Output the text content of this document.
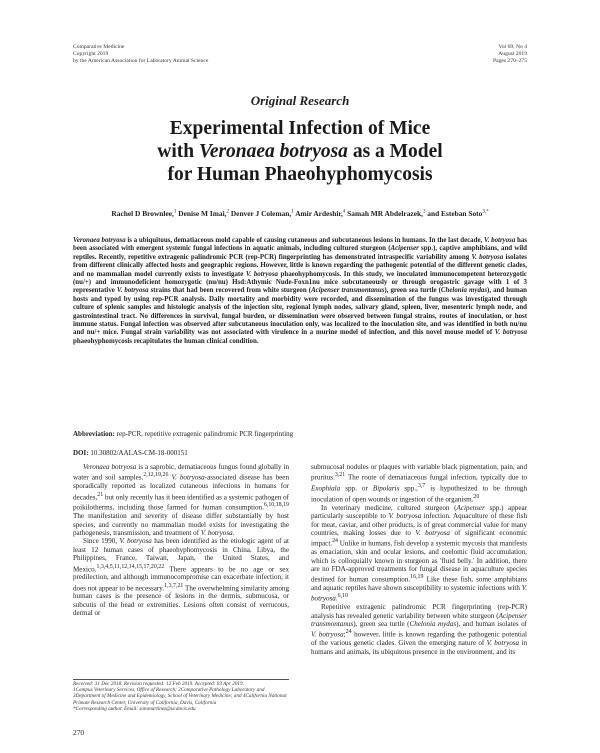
Comparative Medicine
Copyright 2019
by the American Association for Laboratory Animal Science
Vol 69, No 4
August 2019
Pages 270–275
Original Research
Experimental Infection of Mice
with Veronaea botryosa as a Model
for Human Phaeohyphomycosis
Rachel D Brownlee,$^1$ Denise M Imai,$^2$ Denver J Coleman,$^1$ Amir Ardeshir,$^4$ Samah MR Abdelrazek,$^3$ and Esteban Soto$^{3,*}$
Veronaea botryosa is a ubiquitous, dematiaceous mold capable of causing cutaneous and subcutaneous lesions in humans. In the last decade, V. botryosa has been associated with emergent systemic fungal infections in aquatic animals, including cultured sturgeon (Acipenser spp.), captive amphibians, and wild reptiles. Recently, repetitive extragenic palindromic PCR (rep-PCR) fingerprinting has demonstrated intraspecific variability among V. botryosa isolates from different clinically affected hosts and geographic regions. However, little is known regarding the pathogenic potential of the different genetic clades, and no mammalian model currently exists to investigate V. botryosa phaeohyphomycosis. In this study, we inoculated immunocompetent heterozygotic (nu/+) and immunodeficient homozygotic (nu/nu) Hsd:Athymic Nude-Foxn1nu mice subcutaneously or through orogastric gavage with 1 of 3 representative V. botryosa strains that had been recovered from white sturgeon (Acipenser transmontanus), green sea turtle (Chelonia mydas), and human hosts and typed by using rep-PCR analysis. Daily mortality and morbidity were recorded, and dissemination of the fungus was investigated through culture of splenic samples and histologic analysis of the injection site, regional lymph nodes, salivary gland, spleen, liver, mesenteric lymph node, and gastrointestinal tract. No differences in survival, fungal burden, or dissemination were observed between fungal strains, routes of inoculation, or host immune status. Fungal infection was observed after subcutaneous inoculation only, was localized to the inoculation site, and was identified in both nu/nu and nu/+ mice. Fungal strain variability was not associated with virulence in a murine model of infection, and this novel mouse model of V. botryosa phaeohyphomycosis recapitulates the human clinical condition.
Abbreviation: rep-PCR, repetitive extragenic palindromic PCR fingerprinting
DOI: 10.30802/AALAS-CM-18-000151

Veronaea botryosa is a saprobic, dematiaceous fungus found globally in water and soil samples.$^{2,12,19,26}$ V. botryosa-associated disease has been sporadically reported as localized cutaneous infections in humans for decades,$^{21}$ but only recently has it been identified as a systemic pathogen of poikilotherms, including those farmed for human consumption.$^{6,10,18,19}$ The manifestation and severity of disease differ substantially by host species, and currently no mammalian model exists for investigating the pathogenesis, transmission, and treatment of V. botryosa.

Since 1990, V. botryosa has been identified as the etiologic agent of at least 12 human cases of phaeohyphomycosis in China, Libya, the Philippines, France, Taiwan, Japan, the United States, and Mexico.$^{1,3,4,5,11,12,14,15,17,20,22}$ There appears to be no age or sex predilection, and although immunocompromise can exacerbate infection, it does not appear to be necessary.$^{1,3,7,21}$ The overwhelming similarity among human cases is the presence of lesions in the dermis, submucosa, or subcutis of the head or extremities. Lesions often consist of verrucous, dermal or

submucosal nodules or plaques with variable black pigmentation, pain, and pruritus.$^{3,21}$ The route of dematiaceous fungal infection, typically due to Exophiala spp. or Bipolaris spp.,$^{3,7}$ is hypothesized to be through inoculation of open wounds or ingestion of the organism.$^{20}$

In veterinary medicine, cultured sturgeon (Acipenser spp.) appear particularly susceptible to V. botryosa infection. Aquaculture of these fish for meat, caviar, and other products, is of great commercial value for many countries, making losses due to V. botryosa of significant economic impact.$^{24}$ Unlike in humans, fish develop a systemic mycosis that manifests as emaciation, skin and ocular lesions, and coelomic fluid accumulation, which is colloquially known in sturgeon as 'fluid belly.' In addition, there are no FDA-approved treatments for fungal disease in aquaculture species destined for human consumption.$^{16,19}$ Like these fish, some amphibians and aquatic reptiles have shown susceptibility to systemic infections with V. botryosa.$^{6,10}$

Repetitive extragenic palindromic PCR fingerprinting (rep-PCR) analysis has revealed genetic variability between white sturgeon (Acipenser transmontanus), green sea turtle (Chelonia mydas), and human isolates of V. botryosa;$^{24}$ however, little is known regarding the pathogenic potential of the various genetic clades. Given the emerging nature of V. botryosa in humans and animals, its ubiquitous presence in the environment, and its

Received: 31 Dec 2018. Revision requested: 12 Feb 2019. Accepted: 03 Apr 2019.

1Campus Veterinary Services, Office of Research; 2Comparative Pathology Laboratory and 3Department of Medicine and Epidemiology, School of Veterinary Medicine; and 4California National Primate Research Center, University of California, Davis, California

*Corresponding author. Email: sotomartinez@ucdavis.edu

270
